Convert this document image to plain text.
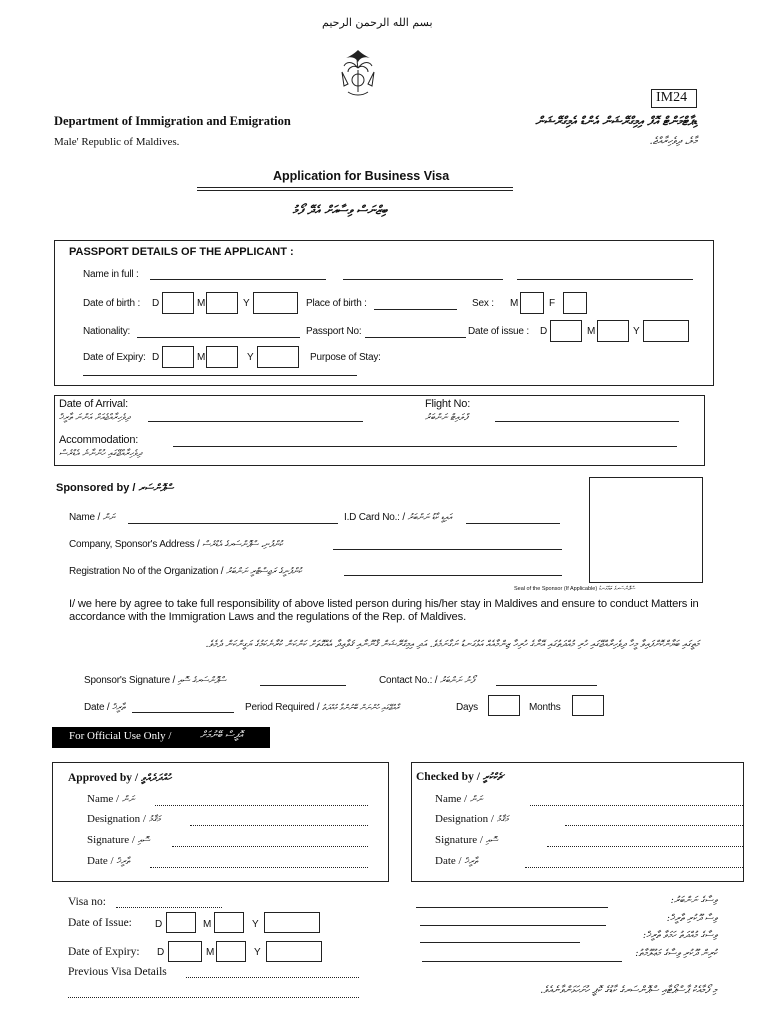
بسم الله الرحمن الرحيم
IM24
Department of Immigration and Emigration
Male' Republic of Maldives.
ޑިޕާޓްމަންޓް އޮފް އިމިގްރޭޝަން އެންޑް އެމިގްރޭޝަން
މާލެ، ދިވެހިރާއްޖެ.
Application for Business Visa
ބިޒްނަސް ވިސާއަށް އެދޭ ފޯމު
PASSPORT DETAILS OF THE APPLICANT :
Name in full :
Date of birth : D	M	Y	Place of birth :	Sex : M	F
Nationality:	Passport No:	Date of issue : D	M	Y
Date of Expiry: D	M	Y	Purpose of Stay:
Date of Arrival:
ދިވެހިރާއްޖެއަށް އަންނަ ތާރީޚް
Flight No:
ފްލައިޓް ނަންބަރު
Accommodation:
ދިވެހިރާއްޖޭގައި ހުންނާނެ އެޑްރެސް
Sponsored by / ސްޕޮންސަރ
Seal of the Sponsor (If Applicable) ސްޕޮންސަރގެ ތައްގަނޑު
Name / ނަން	I.D Card No.: / އައިޑީ ކާޑު ނަންބަރު
Company, Sponsor's Address / ކުންފުނި، ސްޕޮންސަރގެ އެޑްރެސް
Registration No of the Organization / ކުންފުނީގެ ރަޖިސްޓްރީ ނަންބަރު
I/ we here by agree to take full responsibility of above listed person during his/her stay in Maldives and ensure to conduct Matters in accordance with the Immigration Laws and the regulations of the Rep. of Maldives.
މަތީގައި ބަޔާންކޮށްފައިވާ މީހާ ދިވެހިރާއްޖޭގައި ހުރި މުއްދަތުގައި އޭނާގެ ހުރިހާ ޒިންމާއެއް އަޅުގަނޑު ނަގާނަމެވެ. އަދި އިމިގްރޭޝަން ޤާނޫނާއި ޤަވާޢިދާ އެއްގޮތަށް ކަންކަން ކުރާނެކަމުގެ ޔަގީންކަން ދެމެވެ.
Sponsor's Signature / ސްޕޮންސަރގެ ސޮއި	Contact No.: / ފޯނު ނަންބަރު
Date / ތާރީޚް	Period Required / ރާއްޖޭގައި ހުންނަން ބޭނުންވާ މުއްދަތު	Days	Months
For Official Use Only /	އޮފީސް ބޭނުމަށް
Approved by / ހުއްދަދެއްވީ
Name / ނަން
Designation / މަޤާމު
Signature / ސޮއި
Date / ތާރީޚް
Checked by / ޗެކްކުރީ
Name / ނަން
Designation / މަޤާމު
Signature / ސޮއި
Date / ތާރީޚް
Visa no:
Date of Issue: D	M	Y
Date of Expiry: D	M	Y
Previous Visa Details
ވިސާގެ ނަންބަރު:
ވިސާ ދޫކުރި ތާރީޚް:
ވިސާގެ މުއްދަތު ހަމަވާ ތާރީޚް:
ކުރިން ދޫކުރި ވިސާގެ މަޢުލޫމާތު:
މި ފޯމާއެކު ޕާސްޕޯޓާއި ސްޕޮންސަރގެ ކާޑުގެ ކޮޕީ ހުށަހަޅަންވާނެއެވެ.
